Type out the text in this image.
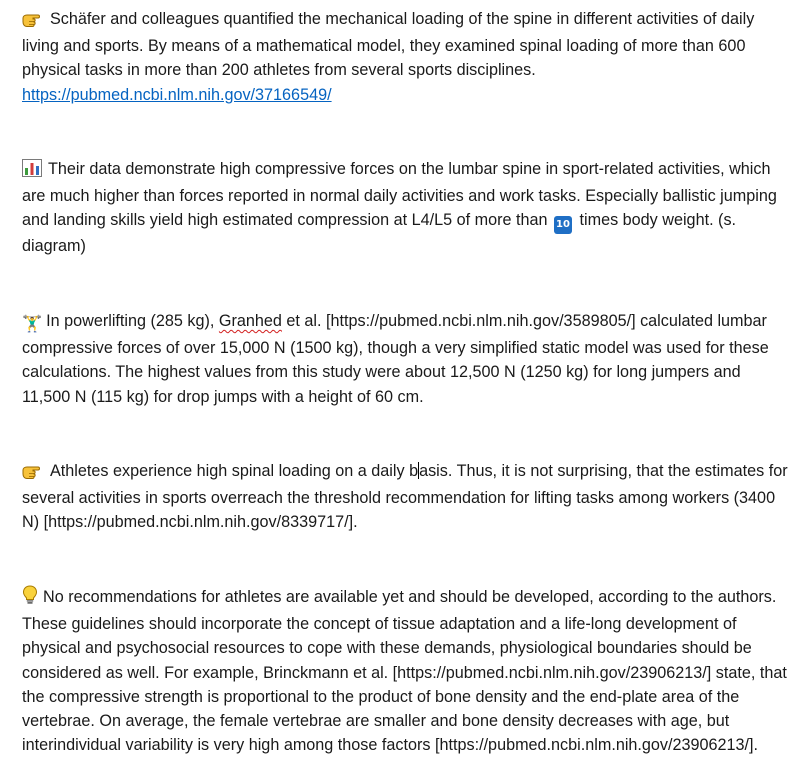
Schäfer and colleagues quantified the mechanical loading of the spine in different activities of daily living and sports. By means of a mathematical model, they examined spinal loading of more than 600 physical tasks in more than 200 athletes from several sports disciplines.
https://pubmed.ncbi.nlm.nih.gov/37166549/

Their data demonstrate high compressive forces on the lumbar spine in sport-related activities, which are much higher than forces reported in normal daily activities and work tasks. Especially ballistic jumping and landing skills yield high estimated compression at L4/L5 of more than 10 times body weight. (s. diagram)

🏋️‍♂ In powerlifting (285 kg), Granhed et al. [https://pubmed.ncbi.nlm.nih.gov/3589805/] calculated lumbar compressive forces of over 15,000 N (1500 kg), though a very simplified static model was used for these calculations. The highest values from this study were about 12,500 N (1250 kg) for long jumpers and 11,500 N (115 kg) for drop jumps with a height of 60 cm.

Athletes experience high spinal loading on a daily basis. Thus, it is not surprising, that the estimates for several activities in sports overreach the threshold recommendation for lifting tasks among workers (3400 N) [https://pubmed.ncbi.nlm.nih.gov/8339717/].

No recommendations for athletes are available yet and should be developed, according to the authors. These guidelines should incorporate the concept of tissue adaptation and a life-long development of physical and psychosocial resources to cope with these demands, physiological boundaries should be considered as well. For example, Brinckmann et al. [https://pubmed.ncbi.nlm.nih.gov/23906213/] state, that the compressive strength is proportional to the product of bone density and the end-plate area of the vertebrae. On average, the female vertebrae are smaller and bone density decreases with age, but interindividual variability is very high among those factors [https://pubmed.ncbi.nlm.nih.gov/23906213/].
